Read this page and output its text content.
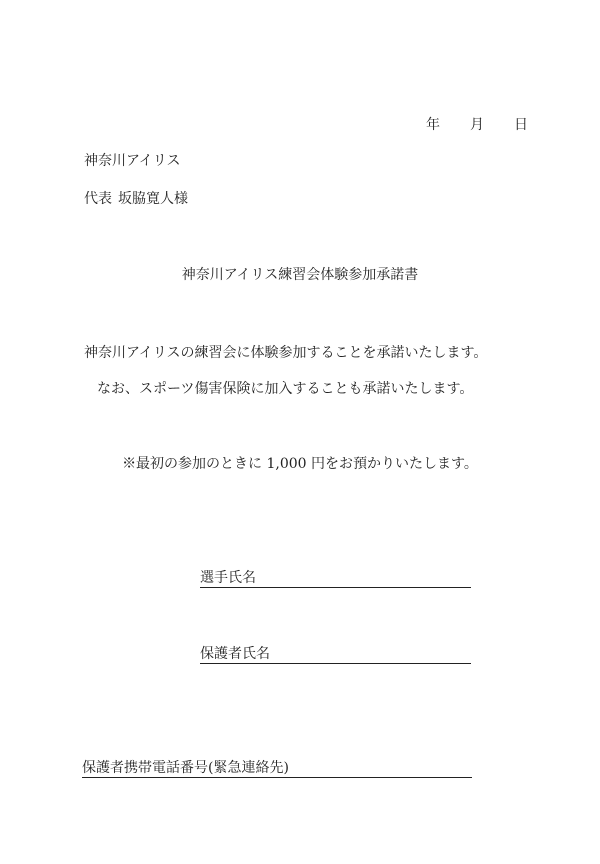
年 月 日
神奈川アイリス
代表 坂脇寛人様
神奈川アイリス練習会体験参加承諾書
神奈川アイリスの練習会に体験参加することを承諾いたします。
なお、スポーツ傷害保険に加入することも承諾いたします。
※最初の参加のときに 1,000 円をお預かりいたします。
選手氏名
保護者氏名
保護者携帯電話番号(緊急連絡先)
